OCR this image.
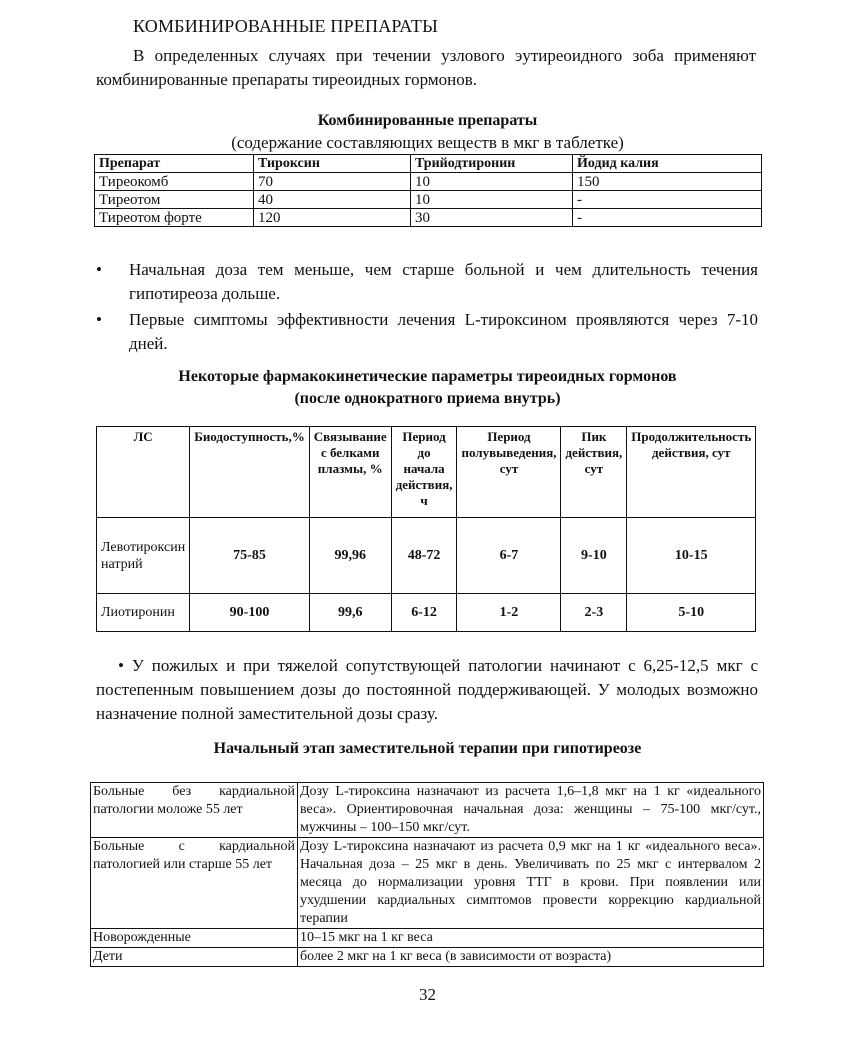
КОМБИНИРОВАННЫЕ ПРЕПАРАТЫ
В определенных случаях при течении узлового эутиреоидного зоба применяют комбинированные препараты тиреоидных гормонов.
Комбинированные препараты
(содержание составляющих веществ в мкг в таблетке)
Препарат	Тироксин	Трийодтиронин	Йодид калия
Тиреокомб	70	10	150
Тиреотом	40	10	-
Тиреотом форте	120	30	-
• Начальная доза тем меньше, чем старше больной и чем длительность течения гипотиреоза дольше.
• Первые симптомы эффективности лечения L-тироксином проявляются через 7-10 дней.
Некоторые фармакокинетические параметры тиреоидных гормонов
(после однократного приема внутрь)
ЛС	Биодоступность,%	Связывание с белками плазмы, %	Период до начала действия, ч	Период полувыведения, сут	Пик действия, сут	Продолжительность действия, сут
Левотироксин натрий	75-85	99,96	48-72	6-7	9-10	10-15
Лиотиронин	90-100	99,6	6-12	1-2	2-3	5-10
• У пожилых и при тяжелой сопутствующей патологии начинают с 6,25-12,5 мкг с постепенным повышением дозы до постоянной поддерживающей. У молодых возможно назначение полной заместительной дозы сразу.
Начальный этап заместительной терапии при гипотиреозе
Больные без кардиальной патологии моложе 55 лет	Дозу L-тироксина назначают из расчета 1,6–1,8 мкг на 1 кг «идеального веса». Ориентировочная начальная доза: женщины – 75-100 мкг/сут., мужчины – 100–150 мкг/сут.
Больные с кардиальной патологией или старше 55 лет	Дозу L-тироксина назначают из расчета 0,9 мкг на 1 кг «идеального веса». Начальная доза – 25 мкг в день. Увеличивать по 25 мкг с интервалом 2 месяца до нормализации уровня ТТГ в крови. При появлении или ухудшении кардиальных симптомов провести коррекцию кардиальной терапии
Новорожденные	10–15 мкг на 1 кг веса
Дети	более 2 мкг на 1 кг веса (в зависимости от возраста)
32
